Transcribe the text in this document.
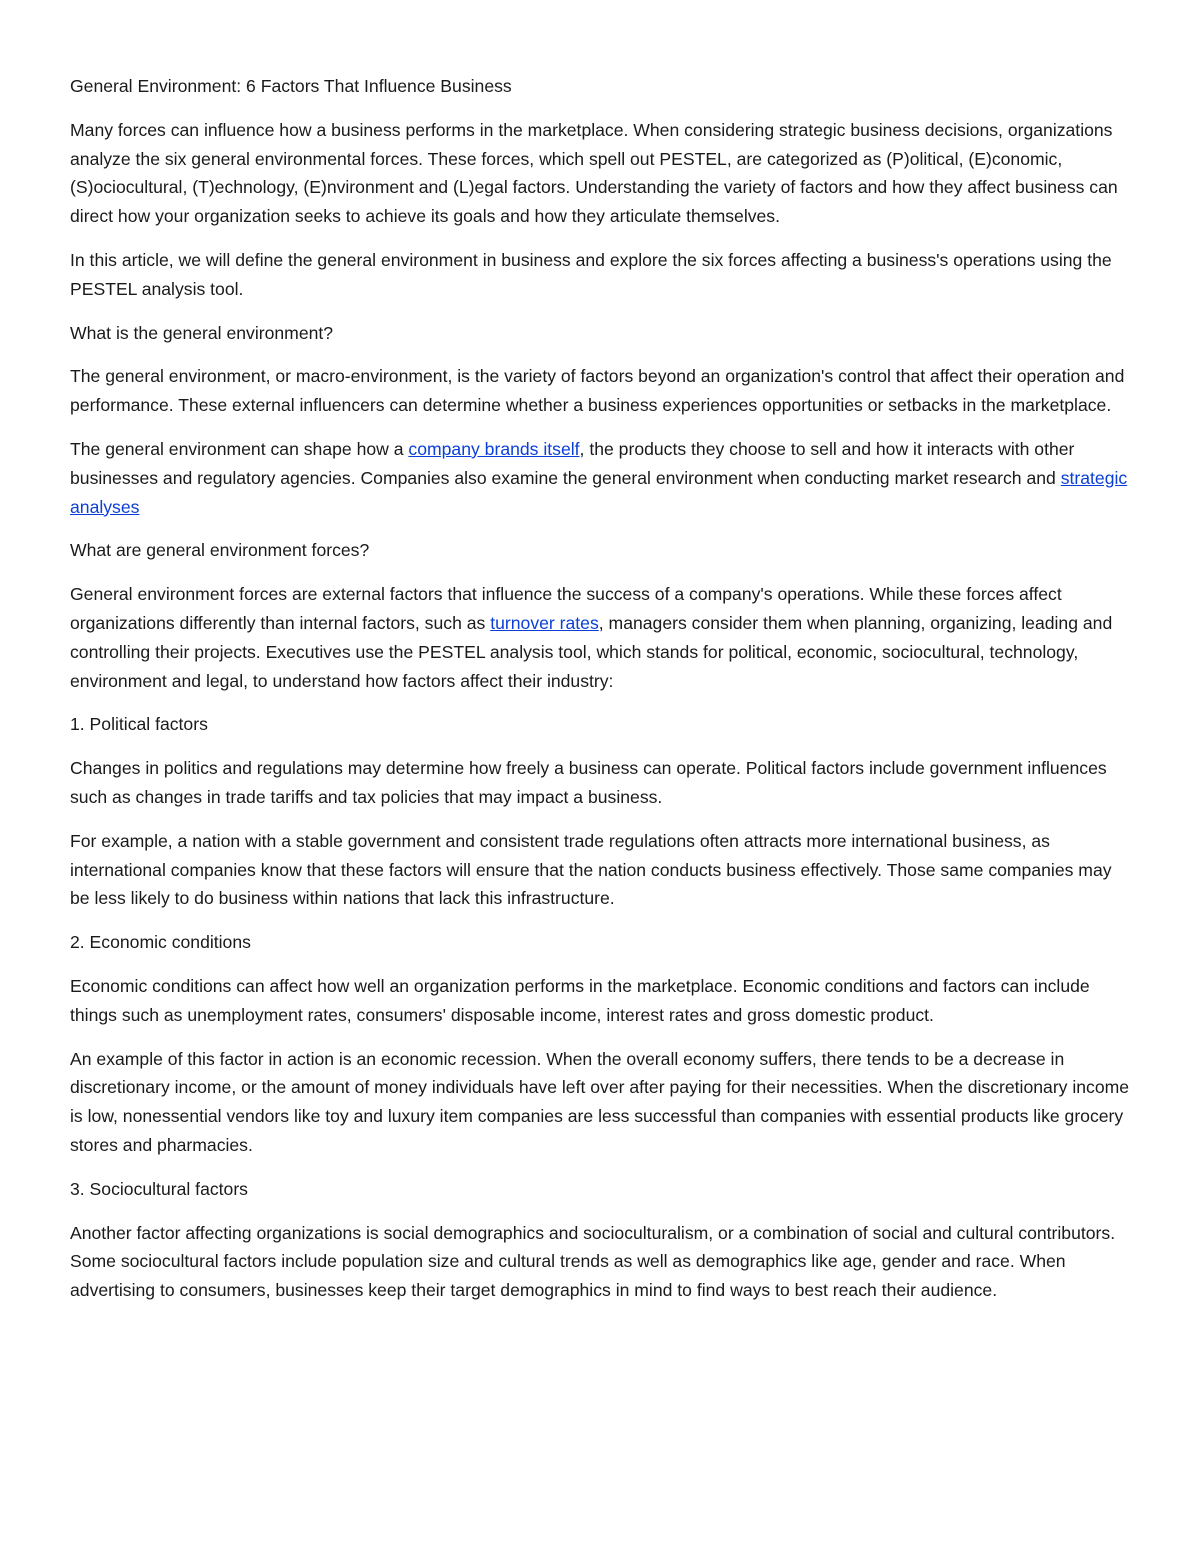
General Environment: 6 Factors That Influence Business

Many forces can influence how a business performs in the marketplace. When considering strategic business decisions, organizations analyze the six general environmental forces. These forces, which spell out PESTEL, are categorized as (P)olitical, (E)conomic, (S)ociocultural, (T)echnology, (E)nvironment and (L)egal factors. Understanding the variety of factors and how they affect business can direct how your organization seeks to achieve its goals and how they articulate themselves.

In this article, we will define the general environment in business and explore the six forces affecting a business's operations using the PESTEL analysis tool.

What is the general environment?

The general environment, or macro-environment, is the variety of factors beyond an organization's control that affect their operation and performance. These external influencers can determine whether a business experiences opportunities or setbacks in the marketplace.

The general environment can shape how a company brands itself, the products they choose to sell and how it interacts with other businesses and regulatory agencies. Companies also examine the general environment when conducting market research and strategic analyses

What are general environment forces?

General environment forces are external factors that influence the success of a company's operations. While these forces affect organizations differently than internal factors, such as turnover rates, managers consider them when planning, organizing, leading and controlling their projects. Executives use the PESTEL analysis tool, which stands for political, economic, sociocultural, technology, environment and legal, to understand how factors affect their industry:

1. Political factors

Changes in politics and regulations may determine how freely a business can operate. Political factors include government influences such as changes in trade tariffs and tax policies that may impact a business.

For example, a nation with a stable government and consistent trade regulations often attracts more international business, as international companies know that these factors will ensure that the nation conducts business effectively. Those same companies may be less likely to do business within nations that lack this infrastructure.

2. Economic conditions

Economic conditions can affect how well an organization performs in the marketplace. Economic conditions and factors can include things such as unemployment rates, consumers' disposable income, interest rates and gross domestic product.

An example of this factor in action is an economic recession. When the overall economy suffers, there tends to be a decrease in discretionary income, or the amount of money individuals have left over after paying for their necessities. When the discretionary income is low, nonessential vendors like toy and luxury item companies are less successful than companies with essential products like grocery stores and pharmacies.

3. Sociocultural factors

Another factor affecting organizations is social demographics and socioculturalism, or a combination of social and cultural contributors. Some sociocultural factors include population size and cultural trends as well as demographics like age, gender and race. When advertising to consumers, businesses keep their target demographics in mind to find ways to best reach their audience.
